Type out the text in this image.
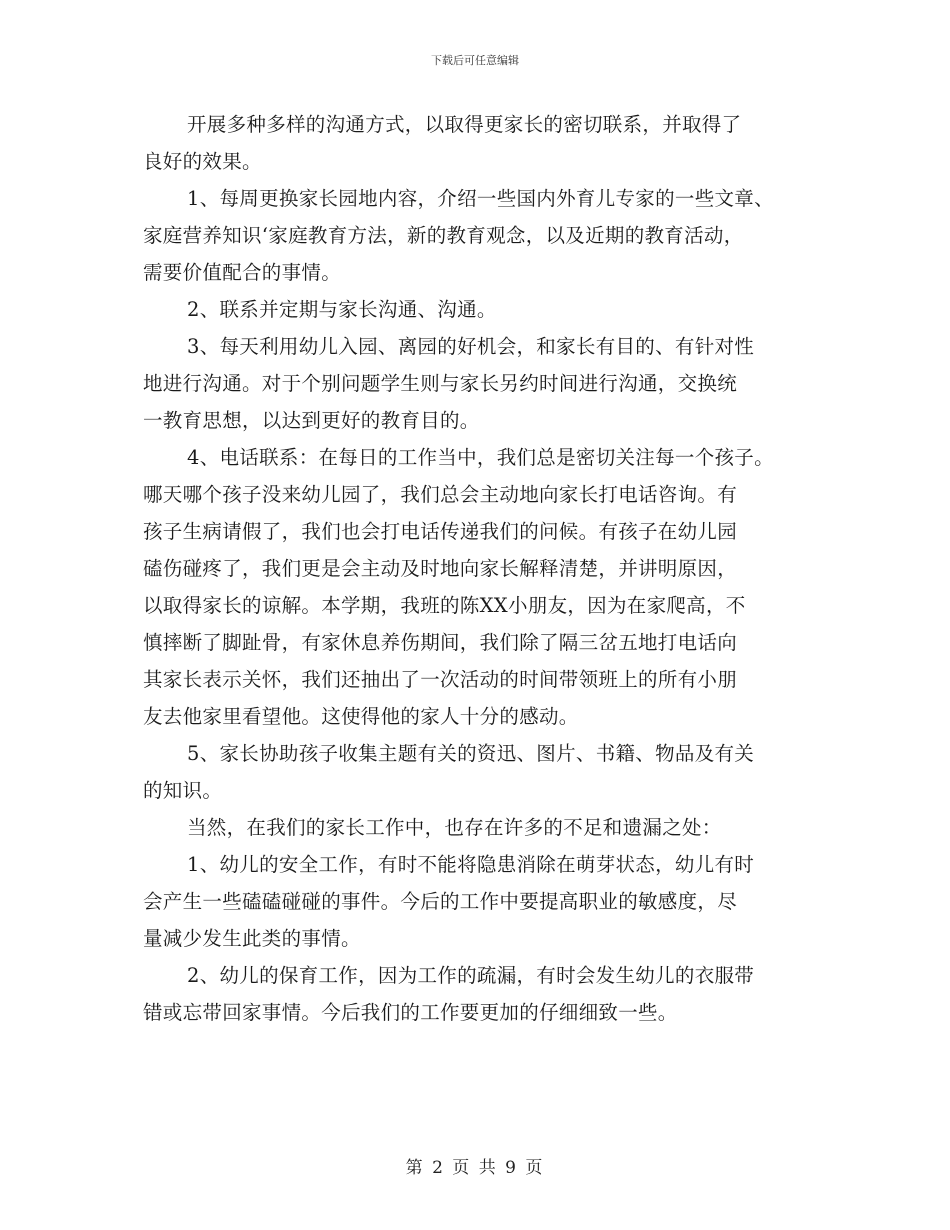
下载后可任意编辑
开展多种多样的沟通方式，以取得更家长的密切联系，并取得了
良好的效果。
1、每周更换家长园地内容，介绍一些国内外育儿专家的一些文章、
家庭营养知识‘家庭教育方法，新的教育观念，以及近期的教育活动，
需要价值配合的事情。
2、联系并定期与家长沟通、沟通。
3、每天利用幼儿入园、离园的好机会，和家长有目的、有针对性
地进行沟通。对于个别问题学生则与家长另约时间进行沟通，交换统
一教育思想，以达到更好的教育目的。
4、电话联系：在每日的工作当中，我们总是密切关注每一个孩子。
哪天哪个孩子没来幼儿园了，我们总会主动地向家长打电话咨询。有
孩子生病请假了，我们也会打电话传递我们的问候。有孩子在幼儿园
磕伤碰疼了，我们更是会主动及时地向家长解释清楚，并讲明原因，
以取得家长的谅解。本学期，我班的陈XX小朋友，因为在家爬高，不
慎摔断了脚趾骨，有家休息养伤期间，我们除了隔三岔五地打电话向
其家长表示关怀，我们还抽出了一次活动的时间带领班上的所有小朋
友去他家里看望他。这使得他的家人十分的感动。
5、家长协助孩子收集主题有关的资迅、图片、书籍、物品及有关
的知识。
当然，在我们的家长工作中，也存在许多的不足和遗漏之处：
1、幼儿的安全工作，有时不能将隐患消除在萌芽状态，幼儿有时
会产生一些磕磕碰碰的事件。今后的工作中要提高职业的敏感度，尽
量减少发生此类的事情。
2、幼儿的保育工作，因为工作的疏漏，有时会发生幼儿的衣服带
错或忘带回家事情。今后我们的工作要更加的仔细细致一些。
第 2 页 共 9 页
